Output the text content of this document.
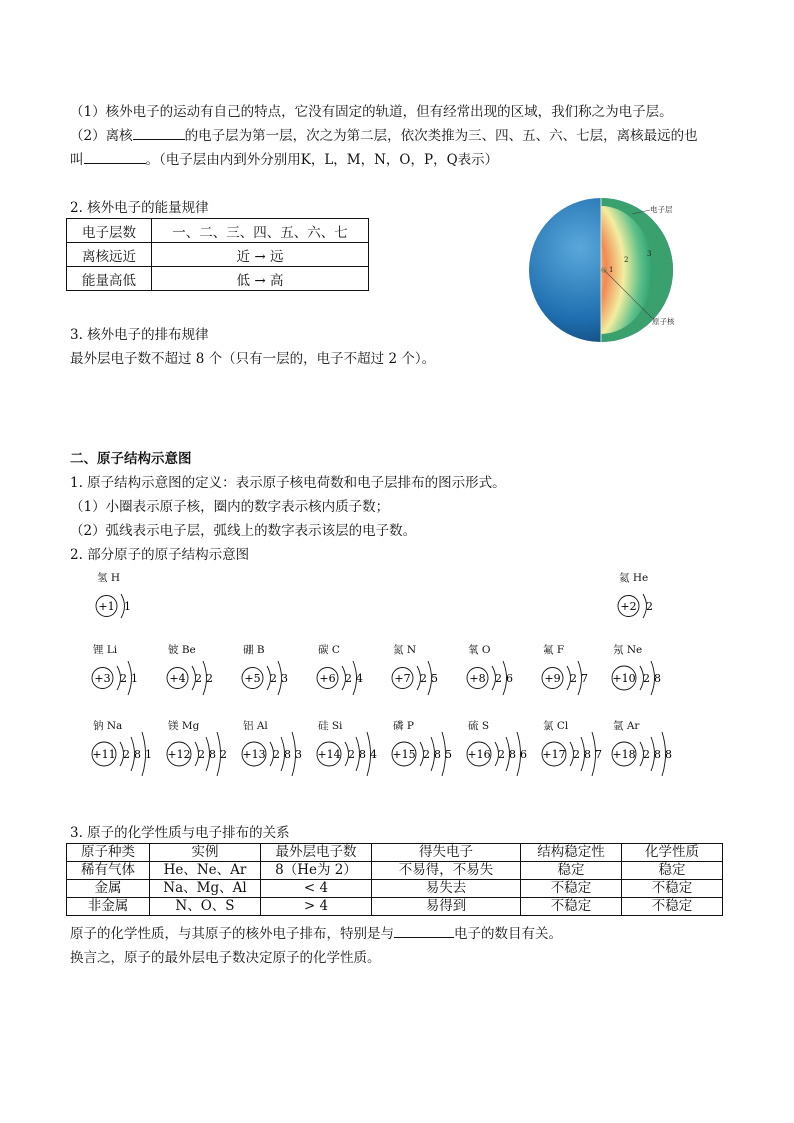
（1）核外电子的运动有自己的特点，它没有固定的轨道，但有经常出现的区域，我们称之为电子层。
（2）离核	的电子层为第一层，次之为第二层，依次类推为三、四、五、六、七层，离核最远的也
叫	。（电子层由内到外分别用K，L，M，N，O，P，Q表示）
2. 核外电子的能量规律
电子层数	一、二、三、四、五、六、七
离核远近	近 → 远
能量高低	低 → 高
1
2
3
电子层
原子核
3. 核外电子的排布规律
最外层电子数不超过 8 个（只有一层的，电子不超过 2 个）。
二、原子结构示意图
1. 原子结构示意图的定义：表示原子核电荷数和电子层排布的图示形式。
（1）小圈表示原子核，圈内的数字表示核内质子数；
（2）弧线表示电子层，弧线上的数字表示该层的电子数。
2. 部分原子的原子结构示意图
氢 H
+1 1
氦 He
+2 2
锂 Li
+3 2 1
铍 Be
+4 2 2
硼 B
+5 2 3
碳 C
+6 2 4
氮 N
+7 2 5
氧 O
+8 2 6
氟 F
+9 2 7
氖 Ne
+10 2 8
钠 Na
+11 2 8 1
镁 Mg
+12 2 8 2
铝 Al
+13 2 8 3
硅 Si
+14 2 8 4
磷 P
+15 2 8 5
硫 S
+16 2 8 6
氯 Cl
+17 2 8 7
氩 Ar
+18 2 8 8
3. 原子的化学性质与电子排布的关系
原子种类	实例	最外层电子数	得失电子	结构稳定性	化学性质
稀有气体	He、Ne、Ar	8（He为 2）	不易得，不易失	稳定	稳定
金属	Na、Mg、Al	< 4	易失去	不稳定	不稳定
非金属	N、O、S	> 4	易得到	不稳定	不稳定
原子的化学性质，与其原子的核外电子排布，特别是与	电子的数目有关。
换言之，原子的最外层电子数决定原子的化学性质。
